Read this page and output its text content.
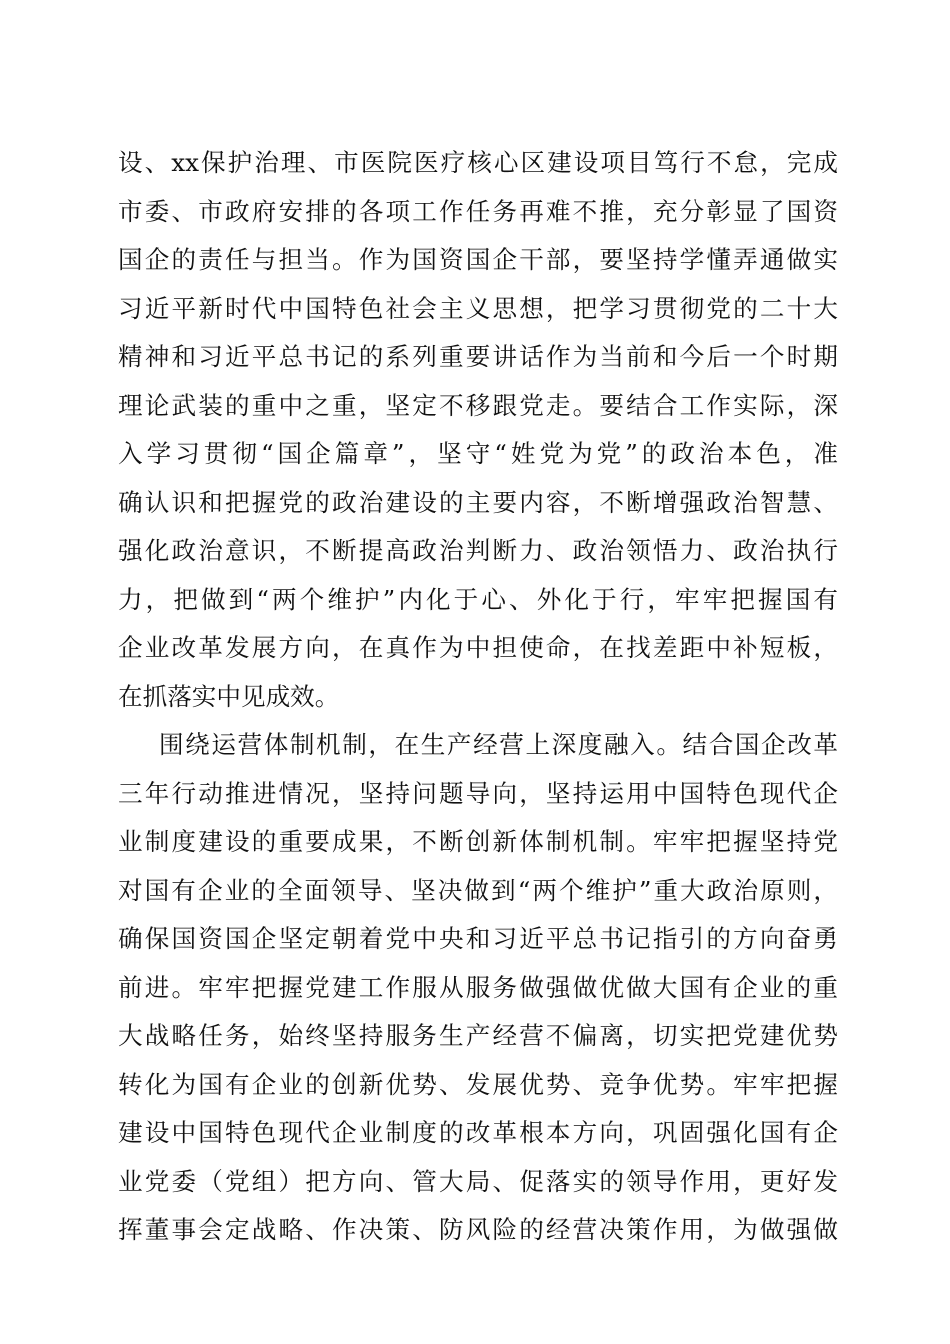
设、xx保护治理、市医院医疗核心区建设项目笃行不怠，完成
市委、市政府安排的各项工作任务再难不推，充分彰显了国资
国企的责任与担当。作为国资国企干部，要坚持学懂弄通做实
习近平新时代中国特色社会主义思想，把学习贯彻党的二十大
精神和习近平总书记的系列重要讲话作为当前和今后一个时期
理论武装的重中之重，坚定不移跟党走。要结合工作实际，深
入学习贯彻“国企篇章”，坚守“姓党为党”的政治本色，准
确认识和把握党的政治建设的主要内容，不断增强政治智慧、
强化政治意识，不断提高政治判断力、政治领悟力、政治执行
力，把做到“两个维护”内化于心、外化于行，牢牢把握国有
企业改革发展方向，在真作为中担使命，在找差距中补短板，
在抓落实中见成效。
围绕运营体制机制，在生产经营上深度融入。结合国企改革
三年行动推进情况，坚持问题导向，坚持运用中国特色现代企
业制度建设的重要成果，不断创新体制机制。牢牢把握坚持党
对国有企业的全面领导、坚决做到“两个维护”重大政治原则，
确保国资国企坚定朝着党中央和习近平总书记指引的方向奋勇
前进。牢牢把握党建工作服从服务做强做优做大国有企业的重
大战略任务，始终坚持服务生产经营不偏离，切实把党建优势
转化为国有企业的创新优势、发展优势、竞争优势。牢牢把握
建设中国特色现代企业制度的改革根本方向，巩固强化国有企
业党委（党组）把方向、管大局、促落实的领导作用，更好发
挥董事会定战略、作决策、防风险的经营决策作用，为做强做
